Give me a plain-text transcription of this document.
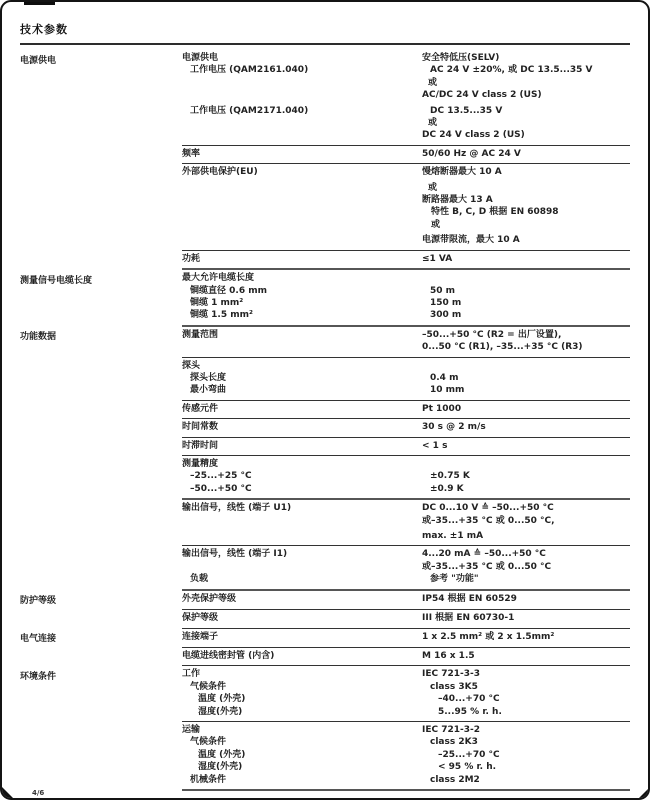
技术参数
电源供电	电源供电	安全特低压(SELV)
工作电压 (QAM2161.040)	AC 24 V ±20%, 或 DC 13.5...35 V
或
AC/DC 24 V class 2 (US)
工作电压 (QAM2171.040)	DC 13.5...35 V
或
DC 24 V class 2 (US)
频率	50/60 Hz @ AC 24 V
外部供电保护(EU)	慢熔断器最大 10 A
或
断路器最大 13 A
特性 B, C, D 根据 EN 60898
或
电源带限流，最大 10 A
功耗	≤1 VA
测量信号电缆长度	最大允许电缆长度
铜缆直径 0.6 mm	50 m
铜缆 1 mm²	150 m
铜缆 1.5 mm²	300 m
功能数据	测量范围	–50...+50 °C (R2 = 出厂设置),
0...50 °C (R1), –35...+35 °C (R3)
探头
探头长度	0.4 m
最小弯曲	10 mm
传感元件	Pt 1000
时间常数	30 s @ 2 m/s
时滞时间	< 1 s
测量精度
–25...+25 °C	±0.75 K
–50...+50 °C	±0.9 K
输出信号，线性 (端子 U1)	DC 0...10 V ≙ –50...+50 °C
或–35...+35 °C 或 0...50 °C,
max. ±1 mA
输出信号，线性 (端子 I1)	4...20 mA ≙ –50...+50 °C
或–35...+35 °C 或 0...50 °C
负载	参考 "功能"
防护等级	外壳保护等级	IP54 根据 EN 60529
保护等级	III 根据 EN 60730-1
电气连接	连接端子	1 x 2.5 mm² 或 2 x 1.5mm²
电缆进线密封管 (内含)	M 16 x 1.5
环境条件	工作	IEC 721-3-3
气候条件	class 3K5
温度 (外壳)	–40...+70 °C
湿度(外壳)	5...95 % r. h.
运输	IEC 721-3-2
气候条件	class 2K3
温度 (外壳)	–25...+70 °C
湿度(外壳)	< 95 % r. h.
机械条件	class 2M2
4/6
